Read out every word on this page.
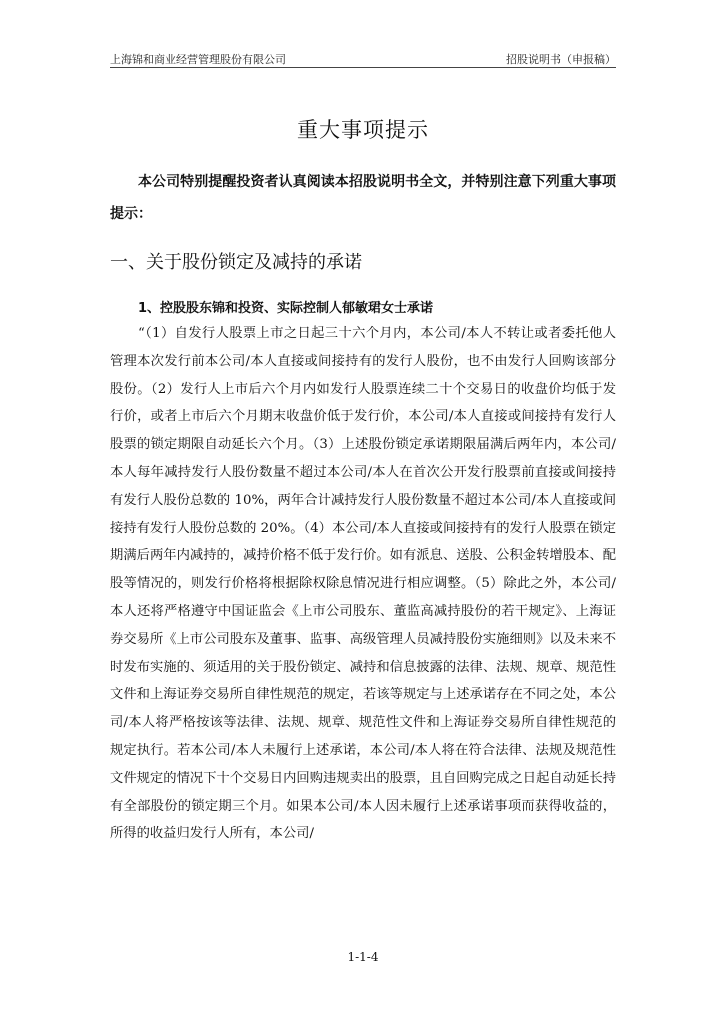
上海锦和商业经营管理股份有限公司	招股说明书（申报稿）
重大事项提示
本公司特别提醒投资者认真阅读本招股说明书全文，并特别注意下列重大事项提示：
一、关于股份锁定及减持的承诺
1、控股股东锦和投资、实际控制人郁敏珺女士承诺
“（1）自发行人股票上市之日起三十六个月内，本公司/本人不转让或者委托他人管理本次发行前本公司/本人直接或间接持有的发行人股份，也不由发行人回购该部分股份。（2）发行人上市后六个月内如发行人股票连续二十个交易日的收盘价均低于发行价，或者上市后六个月期末收盘价低于发行价，本公司/本人直接或间接持有发行人股票的锁定期限自动延长六个月。（3）上述股份锁定承诺期限届满后两年内，本公司/本人每年减持发行人股份数量不超过本公司/本人在首次公开发行股票前直接或间接持有发行人股份总数的 10%，两年合计减持发行人股份数量不超过本公司/本人直接或间接持有发行人股份总数的 20%。（4）本公司/本人直接或间接持有的发行人股票在锁定期满后两年内减持的，减持价格不低于发行价。如有派息、送股、公积金转增股本、配股等情况的，则发行价格将根据除权除息情况进行相应调整。（5）除此之外，本公司/本人还将严格遵守中国证监会《上市公司股东、董监高减持股份的若干规定》、上海证券交易所《上市公司股东及董事、监事、高级管理人员减持股份实施细则》以及未来不时发布实施的、须适用的关于股份锁定、减持和信息披露的法律、法规、规章、规范性文件和上海证券交易所自律性规范的规定，若该等规定与上述承诺存在不同之处，本公司/本人将严格按该等法律、法规、规章、规范性文件和上海证券交易所自律性规范的规定执行。若本公司/本人未履行上述承诺，本公司/本人将在符合法律、法规及规范性文件规定的情况下十个交易日内回购违规卖出的股票，且自回购完成之日起自动延长持有全部股份的锁定期三个月。如果本公司/本人因未履行上述承诺事项而获得收益的，所得的收益归发行人所有，本公司/
1-1-4
